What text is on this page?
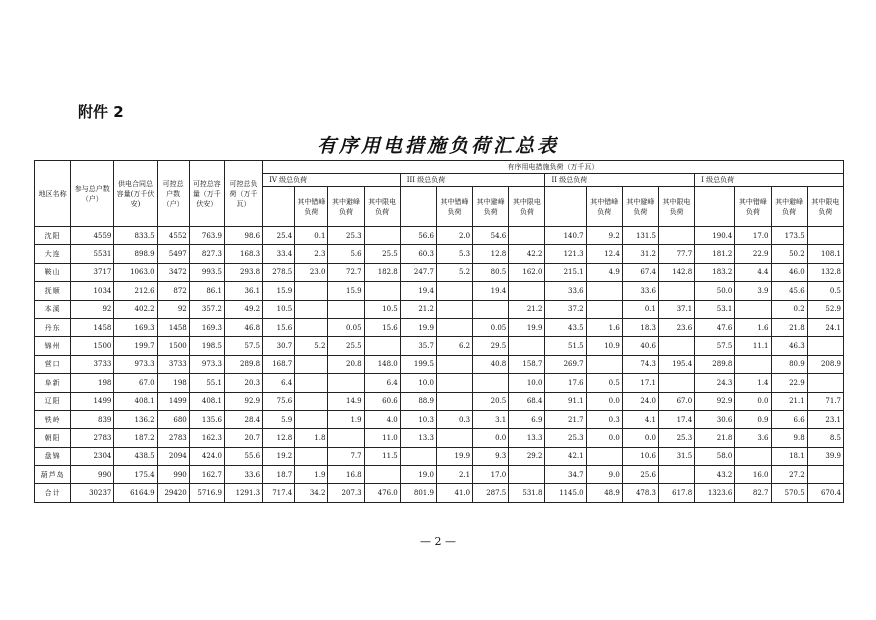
附件 2
有序用电措施负荷汇总表
地区名称	参与总户数（户）	供电合同总容量(万千伏安)	可控总户数（户）	可控总容量（万千伏安）	可控总负荷（万千瓦）	有序用电措施负荷（万千瓦）															
						IV 级总负荷				III 级总负荷				II 级总负荷				I 级总负荷			
							其中错峰负荷	其中避峰负荷	其中限电负荷		其中错峰负荷	其中避峰负荷	其中限电负荷		其中错峰负荷	其中避峰负荷	其中限电负荷		其中错峰负荷	其中避峰负荷	其中限电负荷
沈阳	4559	833.5	4552	763.9	98.6	25.4	0.1	25.3		56.6	2.0	54.6		140.7	9.2	131.5		190.4	17.0	173.5	
大连	5531	898.9	5497	827.3	168.3	33.4	2.3	5.6	25.5	60.3	5.3	12.8	42.2	121.3	12.4	31.2	77.7	181.2	22.9	50.2	108.1
鞍山	3717	1063.0	3472	993.5	293.8	278.5	23.0	72.7	182.8	247.7	5.2	80.5	162.0	215.1	4.9	67.4	142.8	183.2	4.4	46.0	132.8
抚顺	1034	212.6	872	86.1	36.1	15.9		15.9		19.4		19.4		33.6		33.6		50.0	3.9	45.6	0.5
本溪	92	402.2	92	357.2	49.2	10.5			10.5	21.2			21.2	37.2		0.1	37.1	53.1		0.2	52.9
丹东	1458	169.3	1458	169.3	46.8	15.6		0.05	15.6	19.9		0.05	19.9	43.5	1.6	18.3	23.6	47.6	1.6	21.8	24.1
锦州	1500	199.7	1500	198.5	57.5	30.7	5.2	25.5		35.7	6.2	29.5		51.5	10.9	40.6		57.5	11.1	46.3	
营口	3733	973.3	3733	973.3	289.8	168.7		20.8	148.0	199.5		40.8	158.7	269.7		74.3	195.4	289.8		80.9	208.9
阜新	198	67.0	198	55.1	20.3	6.4			6.4	10.0			10.0	17.6	0.5	17.1		24.3	1.4	22.9	
辽阳	1499	408.1	1499	408.1	92.9	75.6		14.9	60.6	88.9		20.5	68.4	91.1	0.0	24.0	67.0	92.9	0.0	21.1	71.7
铁岭	839	136.2	680	135.6	28.4	5.9		1.9	4.0	10.3	0.3	3.1	6.9	21.7	0.3	4.1	17.4	30.6	0.9	6.6	23.1
朝阳	2783	187.2	2783	162.3	20.7	12.8	1.8		11.0	13.3		0.0	13.3	25.3	0.0	0.0	25.3	21.8	3.6	9.8	8.5
盘锦	2304	438.5	2094	424.0	55.6	19.2		7.7	11.5		19.9	9.3	29.2	42.1		10.6	31.5	58.0		18.1	39.9
葫芦岛	990	175.4	990	162.7	33.6	18.7	1.9	16.8		19.0	2.1	17.0		34.7	9.0	25.6		43.2	16.0	27.2	
合计	30237	6164.9	29420	5716.9	1291.3	717.4	34.2	207.3	476.0	801.9	41.0	287.5	531.8	1145.0	48.9	478.3	617.8	1323.6	82.7	570.5	670.4
— 2 —
